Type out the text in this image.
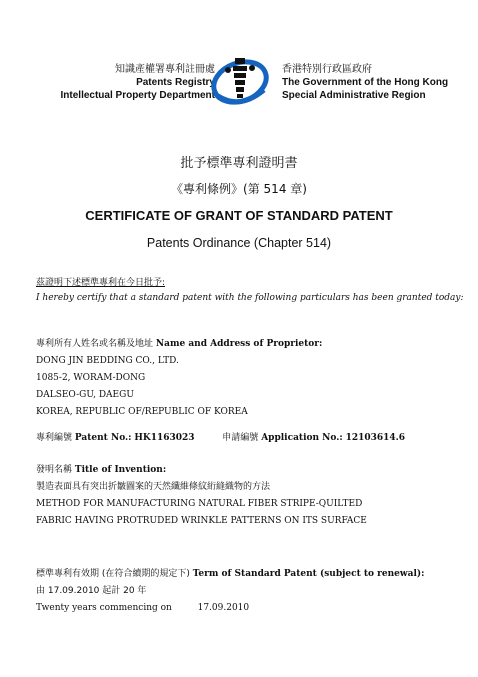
知識產權署專利註冊處
Patents Registry
Intellectual Property Department
香港特別行政區政府
The Government of the Hong Kong
Special Administrative Region
批予標準專利證明書
《專利條例》(第 514 章)
CERTIFICATE OF GRANT OF STANDARD PATENT
Patents Ordinance (Chapter 514)
茲證明下述標準專利在今日批予:
I hereby certify that a standard patent with the following particulars has been granted today:
專利所有人姓名或名稱及地址 Name and Address of Proprietor:
DONG JIN BEDDING CO., LTD.
1085-2, WORAM-DONG
DALSEO-GU, DAEGU
KOREA, REPUBLIC OF/REPUBLIC OF KOREA
專利編號 Patent No.: HK1163023	申請編號 Application No.: 12103614.6
發明名稱 Title of Invention:
製造表面具有突出折皺圖案的天然纖維條紋絎縫織物的方法
METHOD FOR MANUFACTURING NATURAL FIBER STRIPE-QUILTED
FABRIC HAVING PROTRUDED WRINKLE PATTERNS ON ITS SURFACE
標準專利有效期 (在符合續期的規定下) Term of Standard Patent (subject to renewal):
由 17.09.2010 起計 20 年
Twenty years commencing on	17.09.2010
